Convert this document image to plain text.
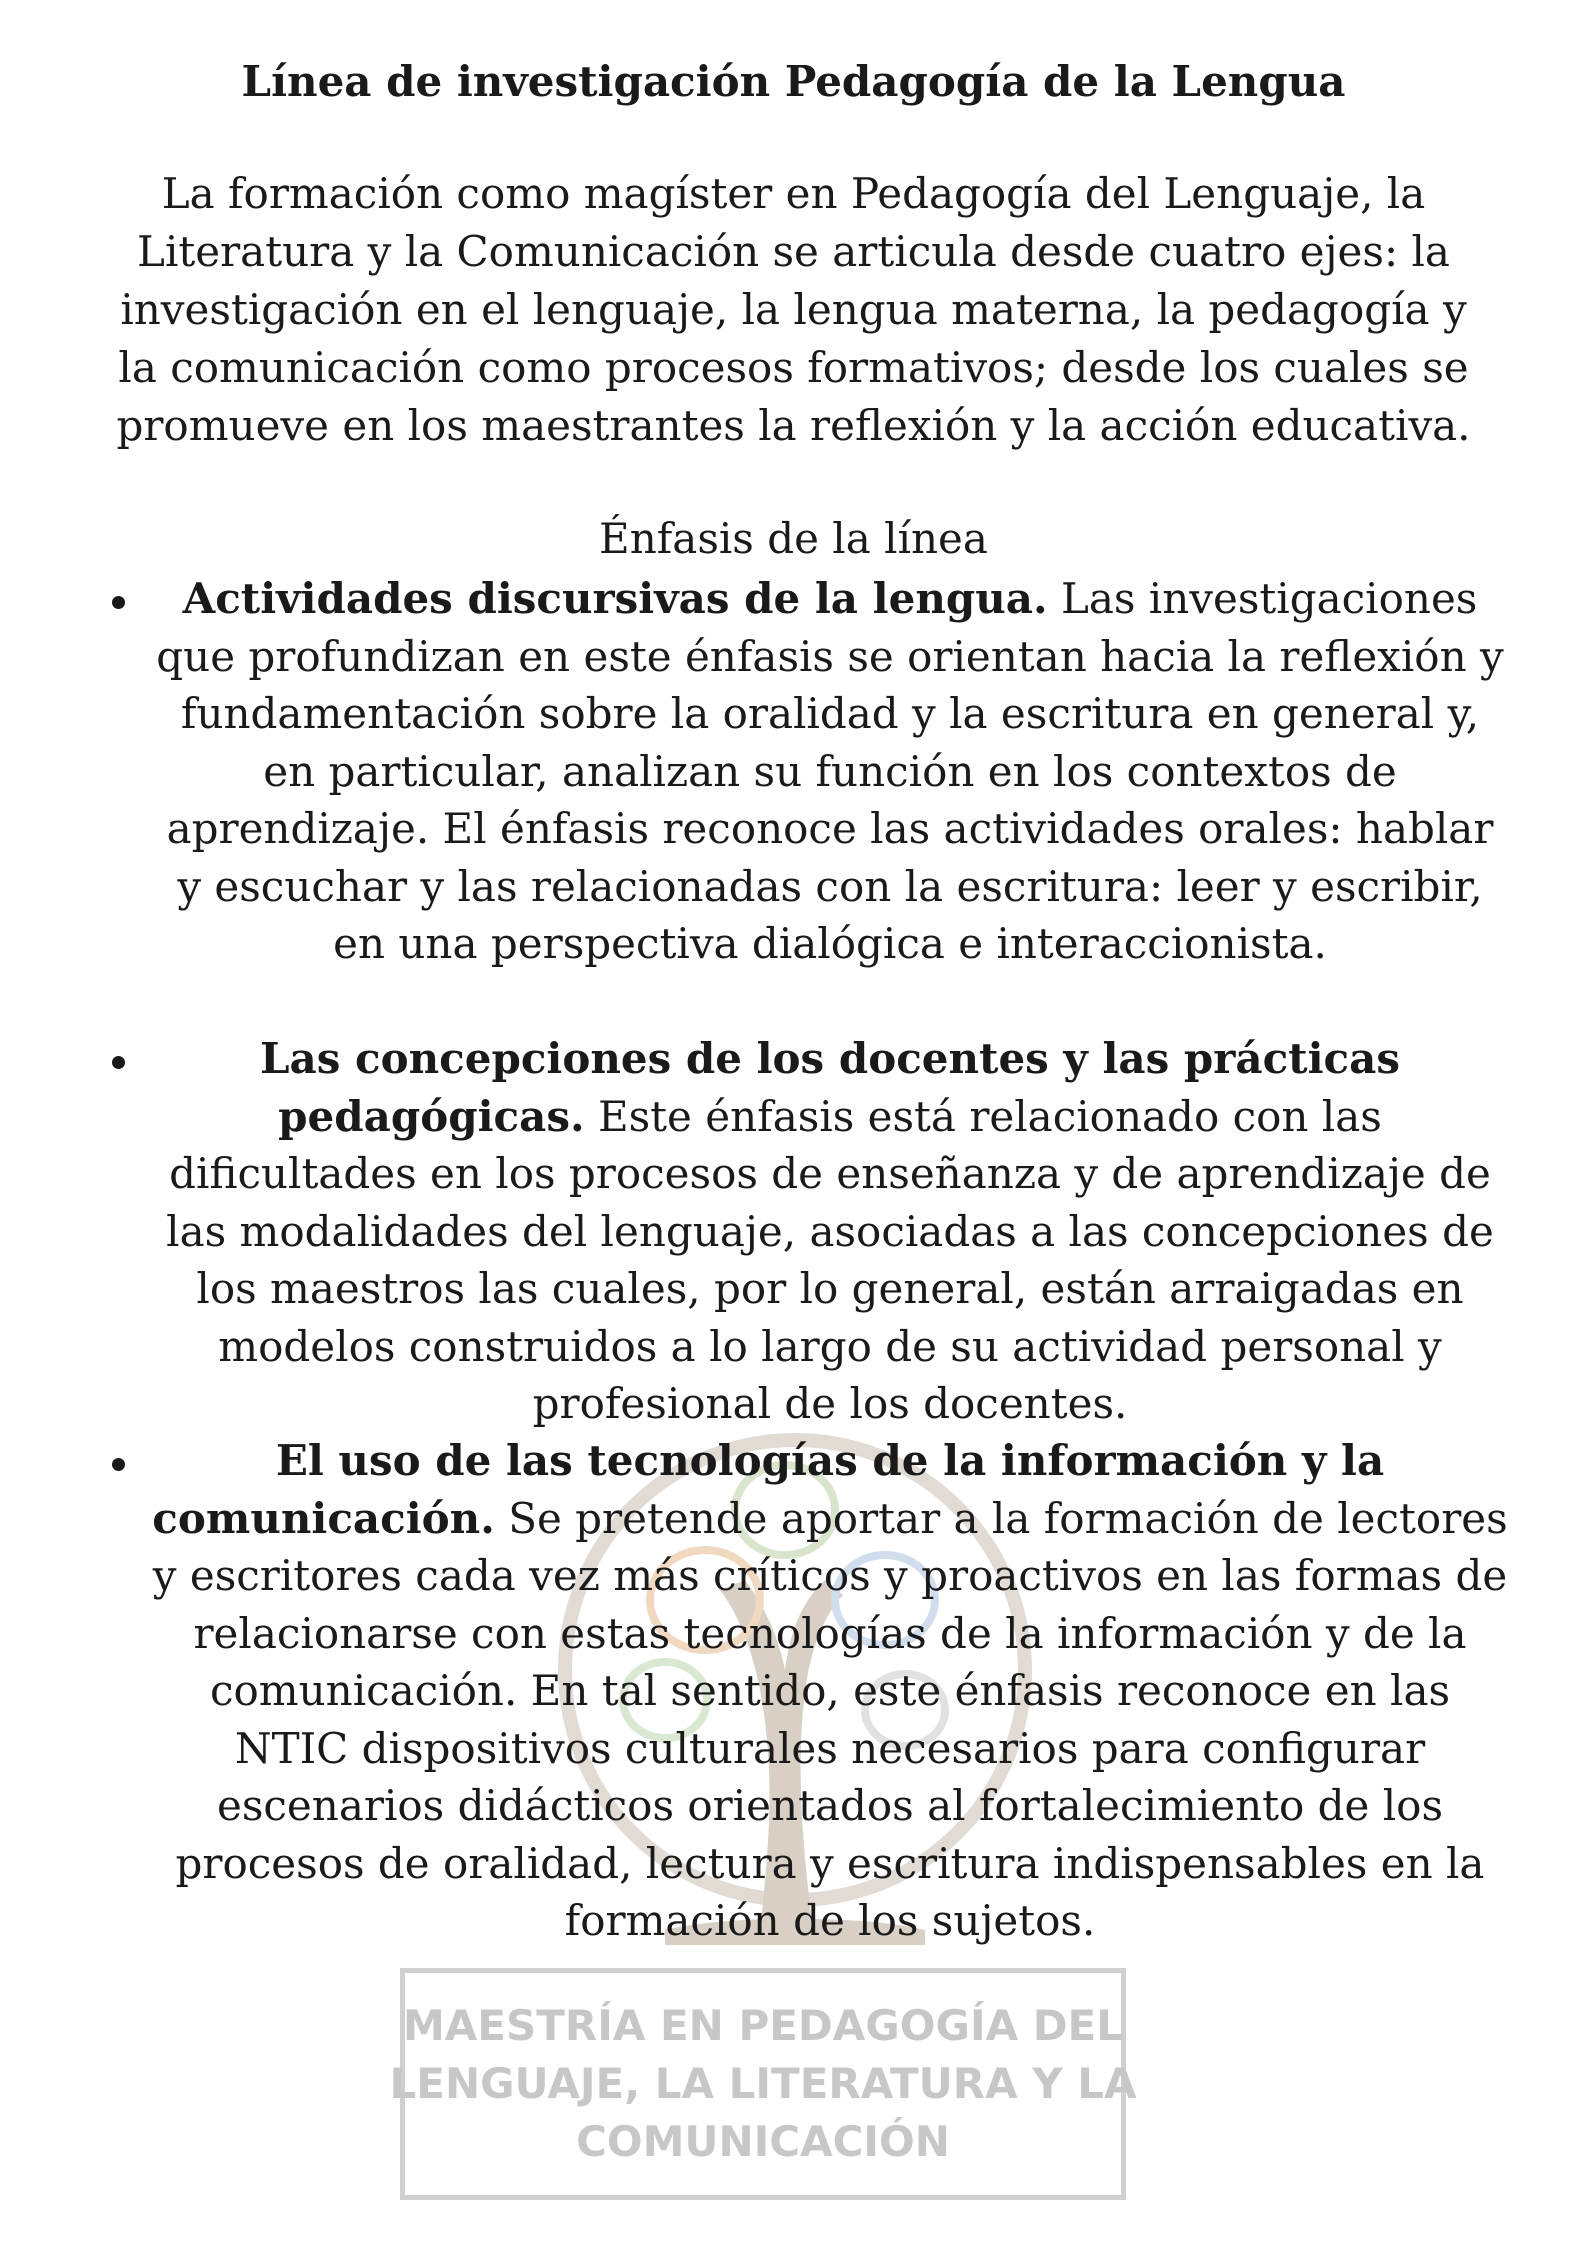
Línea de investigación Pedagogía de la Lengua

La formación como magíster en Pedagogía del Lenguaje, la Literatura y la Comunicación se articula desde cuatro ejes: la investigación en el lenguaje, la lengua materna, la pedagogía y la comunicación como procesos formativos; desde los cuales se promueve en los maestrantes la reflexión y la acción educativa.

Énfasis de la línea

Actividades discursivas de la lengua. Las investigaciones que profundizan en este énfasis se orientan hacia la reflexión y fundamentación sobre la oralidad y la escritura en general y, en particular, analizan su función en los contextos de aprendizaje. El énfasis reconoce las actividades orales: hablar y escuchar y las relacionadas con la escritura: leer y escribir, en una perspectiva dialógica e interaccionista.

Las concepciones de los docentes y las prácticas pedagógicas. Este énfasis está relacionado con las dificultades en los procesos de enseñanza y de aprendizaje de las modalidades del lenguaje, asociadas a las concepciones de los maestros las cuales, por lo general, están arraigadas en modelos construidos a lo largo de su actividad personal y profesional de los docentes.

El uso de las tecnologías de la información y la comunicación. Se pretende aportar a la formación de lectores y escritores cada vez más críticos y proactivos en las formas de relacionarse con estas tecnologías de la información y de la comunicación. En tal sentido, este énfasis reconoce en las NTIC dispositivos culturales necesarios para configurar escenarios didácticos orientados al fortalecimiento de los procesos de oralidad, lectura y escritura indispensables en la formación de los sujetos.

MAESTRÍA EN PEDAGOGÍA DEL
LENGUAJE, LA LITERATURA Y LA
COMUNICACIÓN
